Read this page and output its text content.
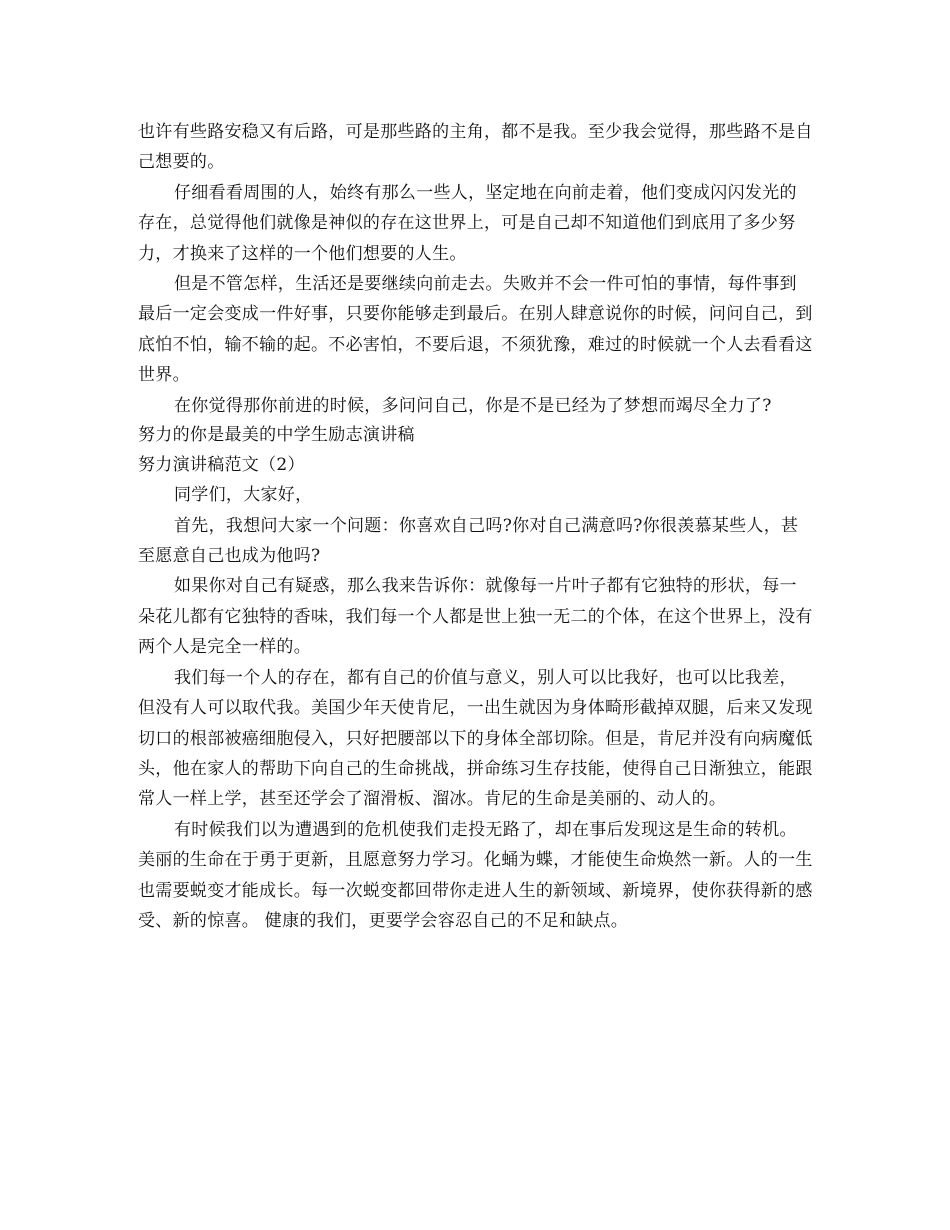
也许有些路安稳又有后路，可是那些路的主角，都不是我。至少我会觉得，那些路不是自己想要的。

仔细看看周围的人，始终有那么一些人，坚定地在向前走着，他们变成闪闪发光的存在，总觉得他们就像是神似的存在这世界上，可是自己却不知道他们到底用了多少努力，才换来了这样的一个他们想要的人生。

但是不管怎样，生活还是要继续向前走去。失败并不会一件可怕的事情，每件事到最后一定会变成一件好事，只要你能够走到最后。在别人肆意说你的时候，问问自己，到底怕不怕，输不输的起。不必害怕，不要后退，不须犹豫，难过的时候就一个人去看看这世界。

在你觉得那你前进的时候，多问问自己，你是不是已经为了梦想而竭尽全力了?

努力的你是最美的中学生励志演讲稿

努力演讲稿范文（2）

同学们，大家好，

首先，我想问大家一个问题：你喜欢自己吗?你对自己满意吗?你很羡慕某些人，甚至愿意自己也成为他吗?

如果你对自己有疑惑，那么我来告诉你：就像每一片叶子都有它独特的形状，每一朵花儿都有它独特的香味，我们每一个人都是世上独一无二的个体，在这个世界上，没有两个人是完全一样的。

我们每一个人的存在，都有自己的价值与意义，别人可以比我好，也可以比我差，但没有人可以取代我。美国少年天使肯尼，一出生就因为身体畸形截掉双腿，后来又发现切口的根部被癌细胞侵入，只好把腰部以下的身体全部切除。但是，肯尼并没有向病魔低头，他在家人的帮助下向自己的生命挑战，拼命练习生存技能，使得自己日渐独立，能跟常人一样上学，甚至还学会了溜滑板、溜冰。肯尼的生命是美丽的、动人的。

有时候我们以为遭遇到的危机使我们走投无路了，却在事后发现这是生命的转机。美丽的生命在于勇于更新，且愿意努力学习。化蛹为蝶，才能使生命焕然一新。人的一生也需要蜕变才能成长。每一次蜕变都回带你走进人生的新领域、新境界，使你获得新的感受、新的惊喜。 健康的我们，更要学会容忍自己的不足和缺点。
